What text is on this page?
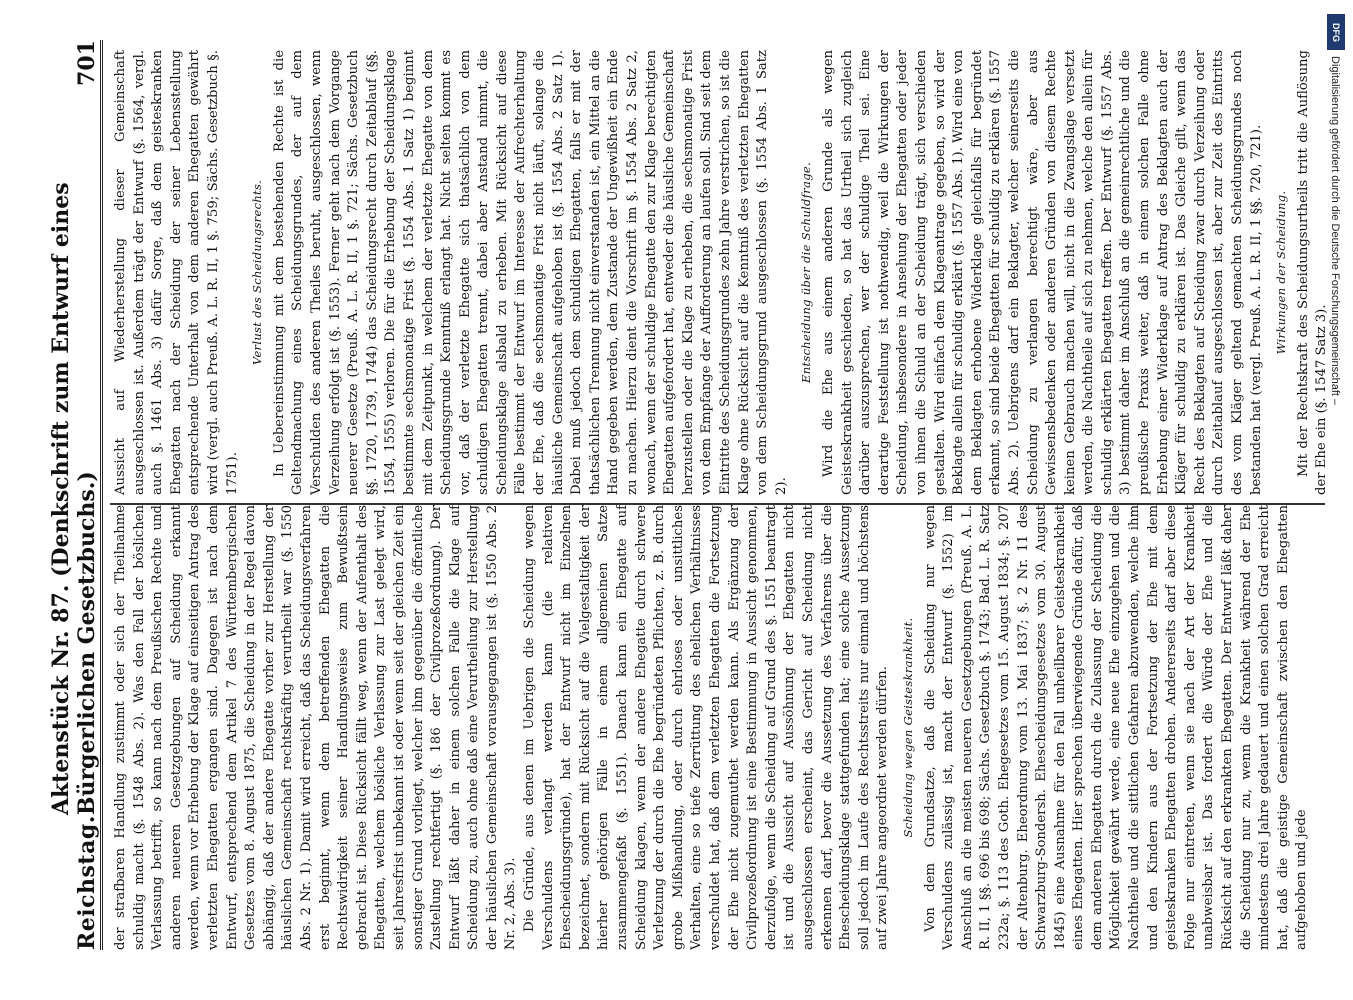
Reichstag.
Aktenstück Nr. 87. (Denkschrift zum Entwurf eines Bürgerlichen Gesetzbuchs.)
701

der strafbaren Handlung zustimmt oder sich der Theilnahme schuldig macht (§. 1548 Abs. 2). Was den Fall der böslichen Verlassung betrifft, so kann nach dem Preußischen Rechte und anderen neueren Gesetzgebungen auf Scheidung erkannt werden, wenn vor Erhebung der Klage auf einseitigen Antrag des verletzten Ehegatten ergangen sind. Dagegen ist nach dem Entwurf, entsprechend dem Artikel 7 des Württembergischen Gesetzes vom 8. August 1875, die Scheidung in der Regel davon abhängig, daß der andere Ehegatte vorher zur Herstellung der häuslichen Gemeinschaft rechtskräftig verurtheilt war (§. 1550 Abs. 2 Nr. 1). Damit wird erreicht, daß das Scheidungsverfahren erst beginnt, wenn dem betreffenden Ehegatten die Rechtswidrigkeit seiner Handlungsweise zum Bewußtsein gebracht ist. Diese Rücksicht fällt weg, wenn der Aufenthalt des Ehegatten, welchem bösliche Verlassung zur Last gelegt wird, seit Jahresfrist unbekannt ist oder wenn seit der gleichen Zeit ein sonstiger Grund vorliegt, welcher ihm gegenüber die öffentliche Zustellung rechtfertigt (§. 186 der Civilprozeßordnung). Der Entwurf läßt daher in einem solchen Falle die Klage auf Scheidung zu, auch ohne daß eine Verurtheilung zur Herstellung der häuslichen Gemeinschaft vorausgegangen ist (§. 1550 Abs. 2 Nr. 2, Abs. 3). Die Gründe, aus denen im Uebrigen die Scheidung wegen Verschuldens verlangt werden kann (die relativen Ehescheidungsgründe), hat der Entwurf nicht im Einzelnen bezeichnet, sondern mit Rücksicht auf die Vielgestaltigkeit der hierher gehörigen Fälle in einem allgemeinen Satze zusammengefaßt (§. 1551). Danach kann ein Ehegatte auf Scheidung klagen, wenn der andere Ehegatte durch schwere Verletzung der durch die Ehe begründeten Pflichten, z. B. durch grobe Mißhandlung, oder durch ehrloses oder unsittliches Verhalten, eine so tiefe Zerrüttung des ehelichen Verhältnisses verschuldet hat, daß dem verletzten Ehegatten die Fortsetzung der Ehe nicht zugemuthet werden kann. Als Ergänzung der Civilprozeßordnung ist eine Bestimmung in Aussicht genommen, derzufolge, wenn die Scheidung auf Grund des §. 1551 beantragt ist und die Aussicht auf Aussöhnung der Ehegatten nicht ausgeschlossen erscheint, das Gericht auf Scheidung nicht erkennen darf, bevor die Aussetzung des Verfahrens über die Ehescheidungsklage stattgefunden hat; eine solche Aussetzung soll jedoch im Laufe des Rechtsstreits nur einmal und höchstens auf zwei Jahre angeordnet werden dürfen. Scheidung wegen Geisteskrankheit. Von dem Grundsatze, daß die Scheidung nur wegen Verschuldens zulässig ist, macht der Entwurf (§. 1552) im Anschluß an die meisten neueren Gesetzgebungen (Preuß. A. L. R. II, 1 §§. 696 bis 698; Sächs. Gesetzbuch §. 1743; Bad. L. R. Satz 232a; §. 113 des Goth. Ehegesetzes vom 15. August 1834; §. 207 der Altenburg. Eheordnung vom 13. Mai 1837; §. 2 Nr. 11 des Schwarzburg-Sondersh. Ehescheidungsgesetzes vom 30. August 1845) eine Ausnahme für den Fall unheilbarer Geisteskrankheit eines Ehegatten. Hier sprechen überwiegende Gründe dafür, daß dem anderen Ehegatten durch die Zulassung der Scheidung die Möglichkeit gewährt werde, eine neue Ehe einzugehen und die Nachtheile und die sittlichen Gefahren abzuwenden, welche ihm und den Kindern aus der Fortsetzung der Ehe mit dem geisteskranken Ehegatten drohen. Andererseits darf aber diese Folge nur eintreten, wenn sie nach der Art der Krankheit unabweisbar ist. Das fordert die Würde der Ehe und die Rücksicht auf den erkrankten Ehegatten. Der Entwurf läßt daher die Scheidung nur zu, wenn die Krankheit während der Ehe mindestens drei Jahre gedauert und einen solchen Grad erreicht hat, daß die geistige Gemeinschaft zwischen den Ehegatten aufgehoben und jede

Aussicht auf Wiederherstellung dieser Gemeinschaft ausgeschlossen ist. Außerdem trägt der Entwurf (§. 1564, vergl. auch §. 1461 Abs. 3) dafür Sorge, daß dem geisteskranken Ehegatten nach der Scheidung der seiner Lebensstellung entsprechende Unterhalt von dem anderen Ehegatten gewährt wird (vergl. auch Preuß. A. L. R. II, 1 §. 759; Sächs. Gesetzbuch §. 1751).

Verlust des Scheidungsrechts. In Uebereinstimmung mit dem bestehenden Rechte ist die Geltendmachung eines Scheidungsgrundes, der auf dem Verschulden des anderen Theiles beruht, ausgeschlossen, wenn Verzeihung erfolgt ist (§. 1553). Ferner geht nach dem Vorgange neuerer Gesetze (Preuß. A. L. R. II, 1 §. 721; Sächs. Gesetzbuch §§. 1720, 1739, 1744) das Scheidungsrecht durch Zeitablauf (§§. 1554, 1555) verloren. Die für die Erhebung der Scheidungsklage bestimmte sechsmonatige Frist (§. 1554 Abs. 1 Satz 1) beginnt mit dem Zeitpunkt, in welchem der verletzte Ehegatte von dem Scheidungsgrunde Kenntniß erlangt hat. Nicht selten kommt es vor, daß der verletzte Ehegatte sich thatsächlich von dem schuldigen Ehegatten trennt, dabei aber Anstand nimmt, die Scheidungsklage alsbald zu erheben. Mit Rücksicht auf diese Fälle bestimmt der Entwurf im Interesse der Aufrechterhaltung der Ehe, daß die sechsmonatige Frist nicht läuft, solange die häusliche Gemeinschaft aufgehoben ist (§. 1554 Abs. 2 Satz 1). Dabei muß jedoch dem schuldigen Ehegatten, falls er mit der thatsächlichen Trennung nicht einverstanden ist, ein Mittel an die Hand gegeben werden, dem Zustande der Ungewißheit ein Ende zu machen. Hierzu dient die Vorschrift im §. 1554 Abs. 2 Satz 2, wonach, wenn der schuldige Ehegatte den zur Klage berechtigten Ehegatten aufgefordert hat, entweder die häusliche Gemeinschaft herzustellen oder die Klage zu erheben, die sechsmonatige Frist von dem Empfange der Aufforderung an laufen soll. Sind seit dem Eintritte des Scheidungsgrundes zehn Jahre verstrichen, so ist die Klage ohne Rücksicht auf die Kenntniß des verletzten Ehegatten von dem Scheidungsgrund ausgeschlossen (§. 1554 Abs. 1 Satz 2).

Entscheidung über die Schuldfrage. Wird die Ehe aus einem anderen Grunde als wegen Geisteskrankheit geschieden, so hat das Urtheil sich zugleich darüber auszusprechen, wer der schuldige Theil sei. Eine derartige Feststellung ist nothwendig, weil die Wirkungen der Scheidung, insbesondere in Ansehung der Ehegatten oder jeder von ihnen die Schuld an der Scheidung trägt, sich verschieden gestalten. Wird einfach dem Klageantrage gegeben, so wird der Beklagte allein für schuldig erklärt (§. 1557 Abs. 1). Wird eine von dem Beklagten erhobene Widerklage gleichfalls für begründet erkannt, so sind beide Ehegatten für schuldig zu erklären (§. 1557 Abs. 2). Uebrigens darf ein Beklagter, welcher seinerseits die Scheidung zu verlangen berechtigt wäre, aber aus Gewissensbedenken oder anderen Gründen von diesem Rechte keinen Gebrauch machen will, nicht in die Zwangslage versetzt werden, die Nachtheile auf sich zu nehmen, welche den allein für schuldig erklärten Ehegatten treffen. Der Entwurf (§. 1557 Abs. 3) bestimmt daher im Anschluß an die gemeinrechtliche und die preußische Praxis weiter, daß in einem solchen Falle ohne Erhebung einer Widerklage auf Antrag des Beklagten auch der Kläger für schuldig zu erklären ist. Das Gleiche gilt, wenn das Recht des Beklagten auf Scheidung zwar durch Verzeihung oder durch Zeitablauf ausgeschlossen ist, aber zur Zeit des Eintritts des vom Kläger geltend gemachten Scheidungsgrundes noch bestanden hat (vergl. Preuß. A. L. R. II, 1 §§. 720, 721). Wirkungen der Scheidung. Mit der Rechtskraft des Scheidungsurtheils tritt die Auflösung der Ehe ein (§. 1547 Satz 3).

DFG
Digitalisierung gefördert durch die Deutsche Forschungsgemeinschaft –
